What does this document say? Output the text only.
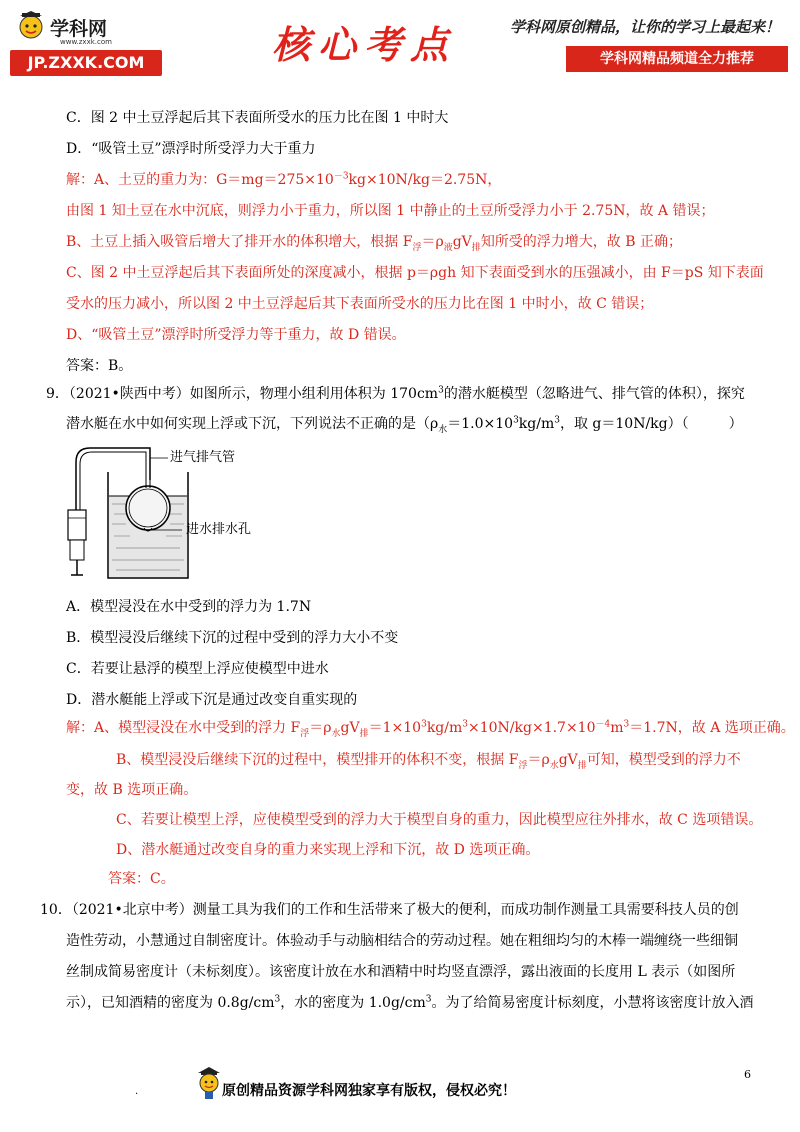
学科网
www.zxxk.com
JP.ZXXK.COM	核心考点	学科网原创精品，让你的学习上最起来！
学科网精品频道全力推荐
C．图 2 中土豆浮起后其下表面所受水的压力比在图 1 中时大
D．“吸管土豆”漂浮时所受浮力大于重力
解：A、土豆的重力为：$G=mg=275\times 10^{-3}kg\times 10N/kg=2.75N$，
由图 1 知土豆在水中沉底，则浮力小于重力，所以图 1 中静止的土豆所受浮力小于 2.75N，故 A 错误；
B、土豆上插入吸管后增大了排开水的体积增大，根据 $F_浮=\rho_液gV_排$知所受的浮力增大，故 B 正确；
C、图 2 中土豆浮起后其下表面所处的深度减小，根据 p＝ρgh 知下表面受到水的压强减小，由 F＝pS 知下表面
受水的压力减小，所以图 2 中土豆浮起后其下表面所受水的压力比在图 1 中时小，故 C 错误；
D、“吸管土豆”漂浮时所受浮力等于重力，故 D 错误。
答案：B。
9．（2021•陕西中考）如图所示，物理小组利用体积为 $170cm^3$的潜水艇模型（忽略进气、排气管的体积），探究
潜水艇在水中如何实现上浮或下沉，下列说法不正确的是（$\rho_水=1.0\times 10^3kg/m^3$，取 g＝10N/kg）（	）
进气排气管
进水排水孔
A．模型浸没在水中受到的浮力为 1.7N
B．模型浸没后继续下沉的过程中受到的浮力大小不变
C．若要让悬浮的模型上浮应使模型中进水
D．潜水艇能上浮或下沉是通过改变自重实现的
解：A、模型浸没在水中受到的浮力 $F_浮=\rho_水gV_排=1\times 10^3kg/m^3\times 10N/kg\times 1.7\times 10^{-4}m^3=1.7N$，故 A 选项正确。
B、模型浸没后继续下沉的过程中，模型排开的体积不变，根据 $F_浮=\rho_水gV_排$可知，模型受到的浮力不
变，故 B 选项正确。
C、若要让模型上浮，应使模型受到的浮力大于模型自身的重力，因此模型应往外排水，故 C 选项错误。
D、潜水艇通过改变自身的重力来实现上浮和下沉，故 D 选项正确。
答案：C。
10．（2021•北京中考）测量工具为我们的工作和生活带来了极大的便利，而成功制作测量工具需要科技人员的创
造性劳动，小慧通过自制密度计。体验动手与动脑相结合的劳动过程。她在粗细均匀的木棒一端缠绕一些细铜
丝制成简易密度计（未标刻度）。该密度计放在水和酒精中时均竖直漂浮，露出液面的长度用 L 表示（如图所
示），已知酒精的密度为 $0.8g/cm^3$，水的密度为 $1.0g/cm^3$。为了给简易密度计标刻度，小慧将该密度计放入酒
原创精品资源学科网独家享有版权，侵权必究！
6
.
